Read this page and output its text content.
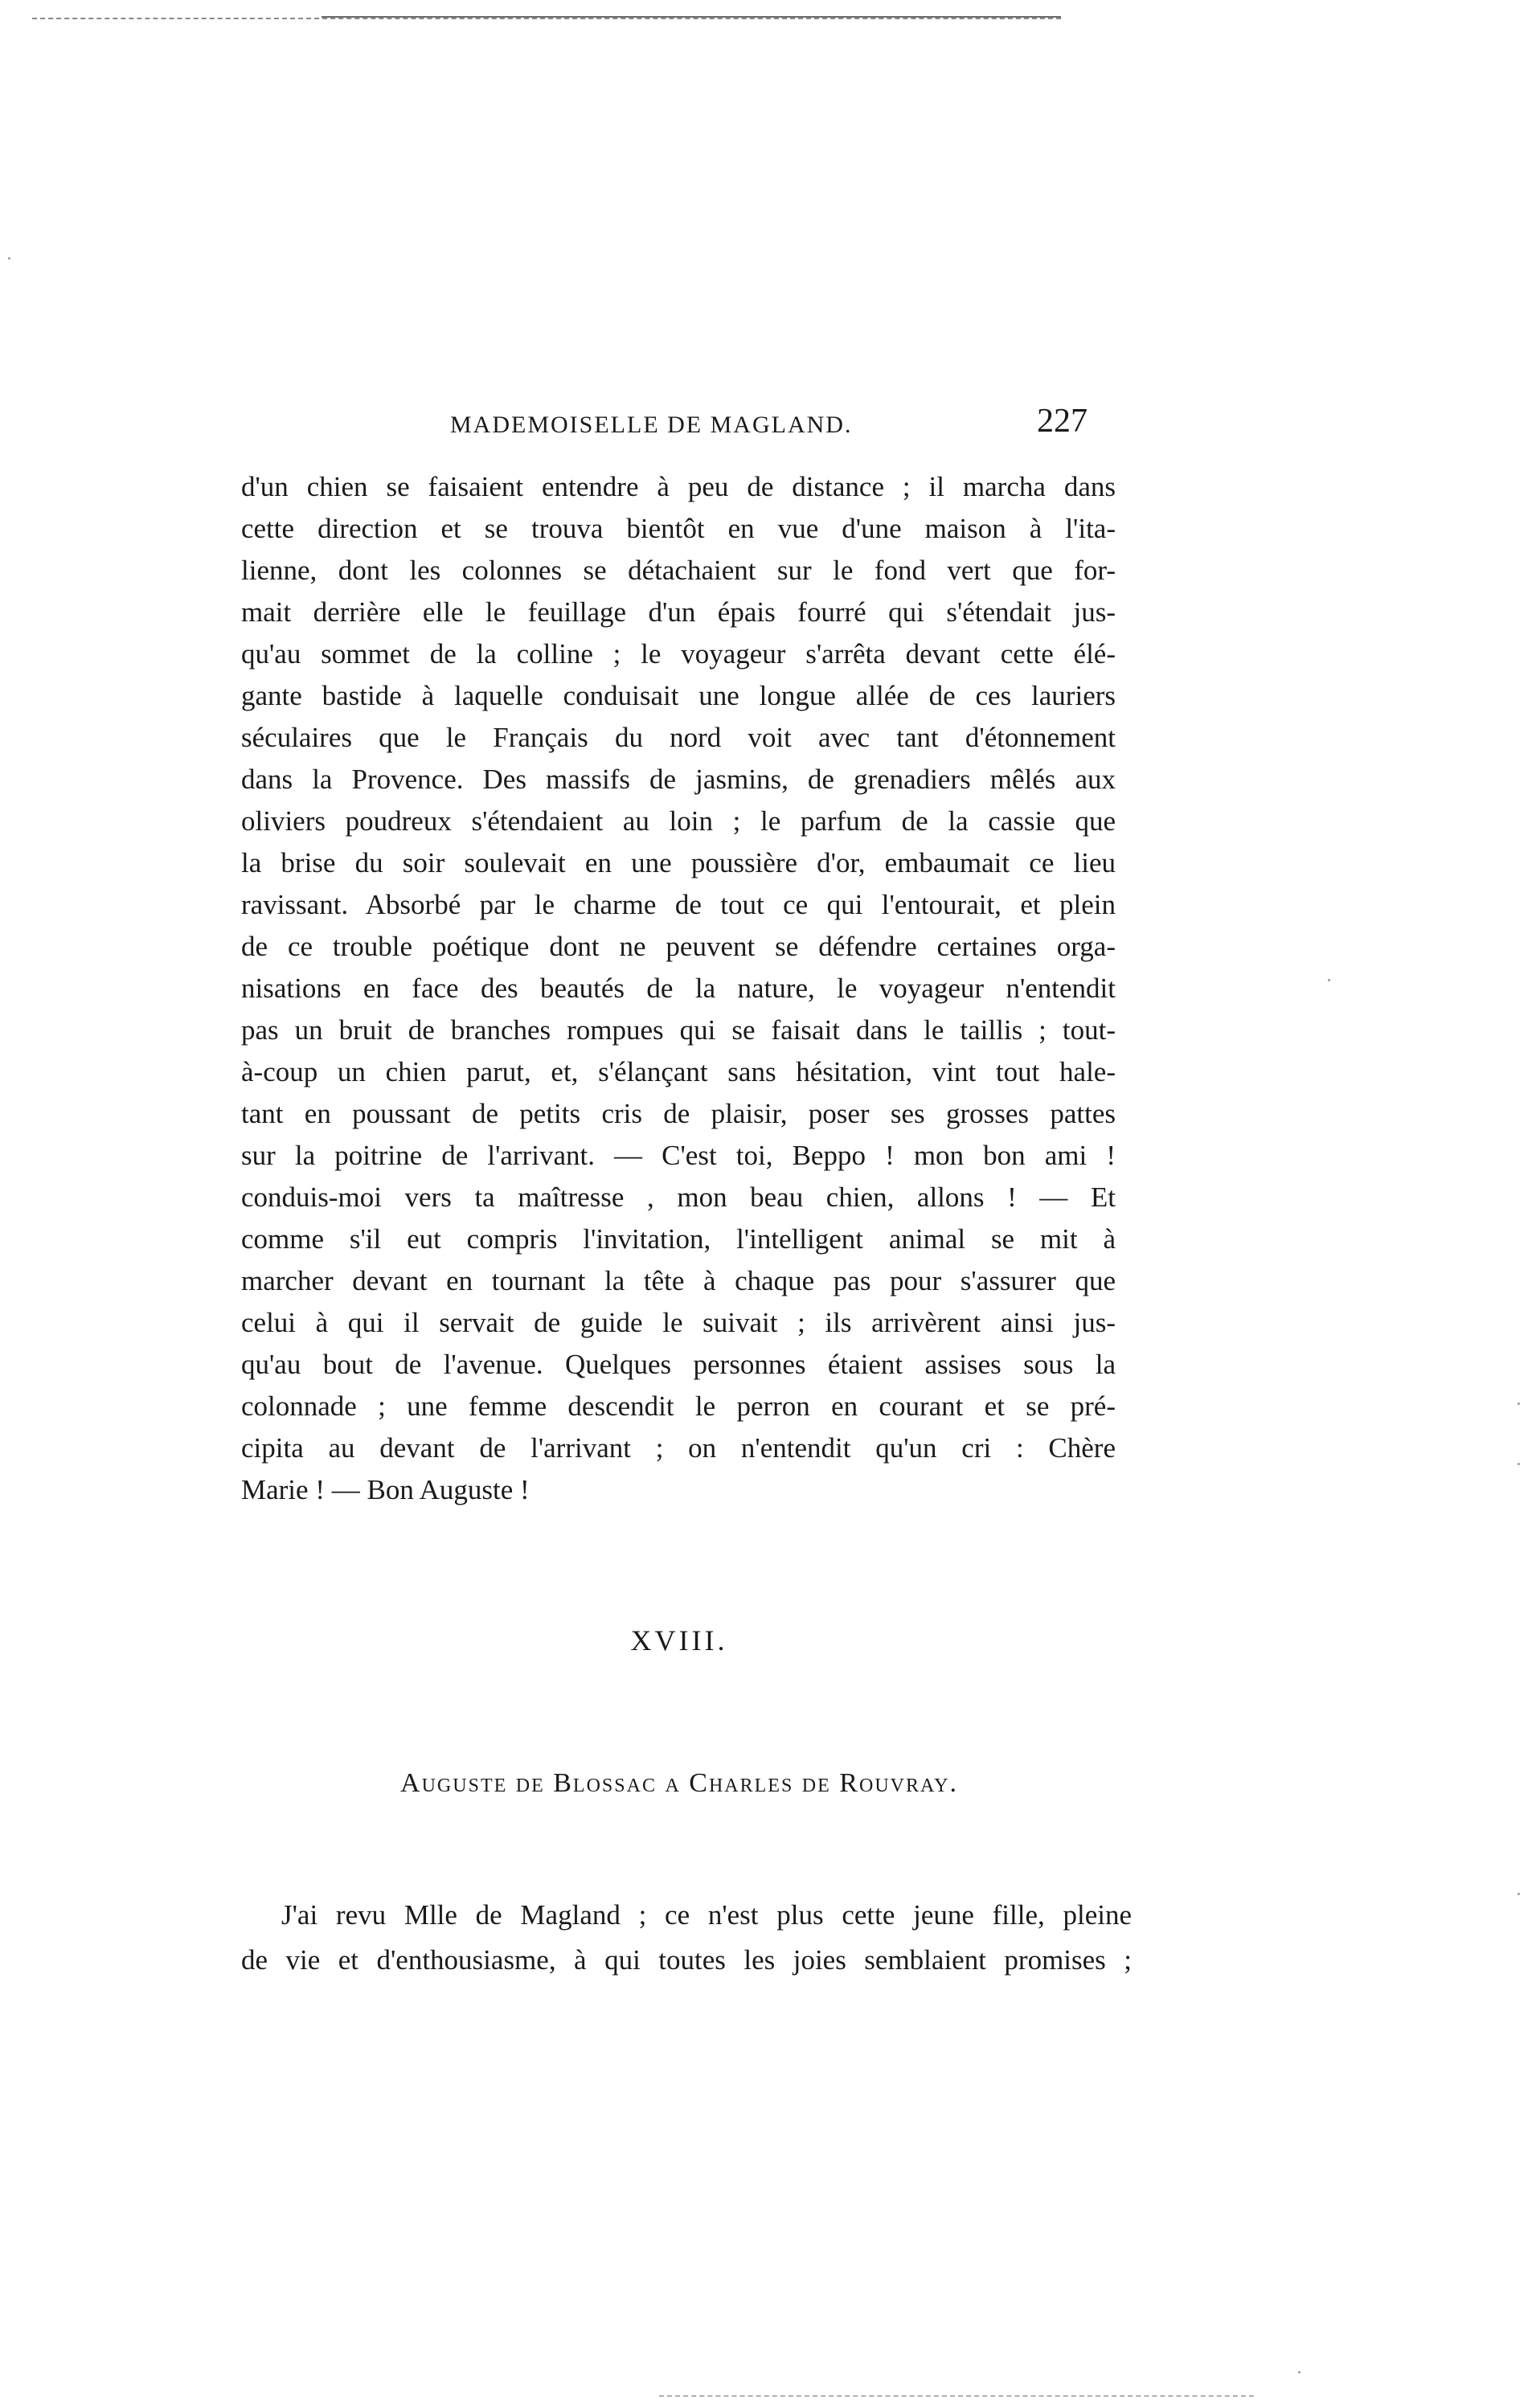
MADEMOISELLE DE MAGLAND.	227
d'un chien se faisaient entendre à peu de distance ; il marcha dans
cette direction et se trouva bientôt en vue d'une maison à l'ita-
lienne, dont les colonnes se détachaient sur le fond vert que for-
mait derrière elle le feuillage d'un épais fourré qui s'étendait jus-
qu'au sommet de la colline ; le voyageur s'arrêta devant cette élé-
gante bastide à laquelle conduisait une longue allée de ces lauriers
séculaires que le Français du nord voit avec tant d'étonnement
dans la Provence. Des massifs de jasmins, de grenadiers mêlés aux
oliviers poudreux s'étendaient au loin ; le parfum de la cassie que
la brise du soir soulevait en une poussière d'or, embaumait ce lieu
ravissant. Absorbé par le charme de tout ce qui l'entourait, et plein
de ce trouble poétique dont ne peuvent se défendre certaines orga-
nisations en face des beautés de la nature, le voyageur n'entendit
pas un bruit de branches rompues qui se faisait dans le taillis ; tout-
à-coup un chien parut, et, s'élançant sans hésitation, vint tout hale-
tant en poussant de petits cris de plaisir, poser ses grosses pattes
sur la poitrine de l'arrivant. — C'est toi, Beppo ! mon bon ami !
conduis-moi vers ta maîtresse , mon beau chien, allons ! — Et
comme s'il eut compris l'invitation, l'intelligent animal se mit à
marcher devant en tournant la tête à chaque pas pour s'assurer que
celui à qui il servait de guide le suivait ; ils arrivèrent ainsi jus-
qu'au bout de l'avenue. Quelques personnes étaient assises sous la
colonnade ; une femme descendit le perron en courant et se pré-
cipita au devant de l'arrivant ; on n'entendit qu'un cri : Chère
Marie ! — Bon Auguste !
XVIII.
Auguste de Blossac a Charles de Rouvray.
J'ai revu Mlle de Magland ; ce n'est plus cette jeune fille, pleine
de vie et d'enthousiasme, à qui toutes les joies semblaient promises ;
